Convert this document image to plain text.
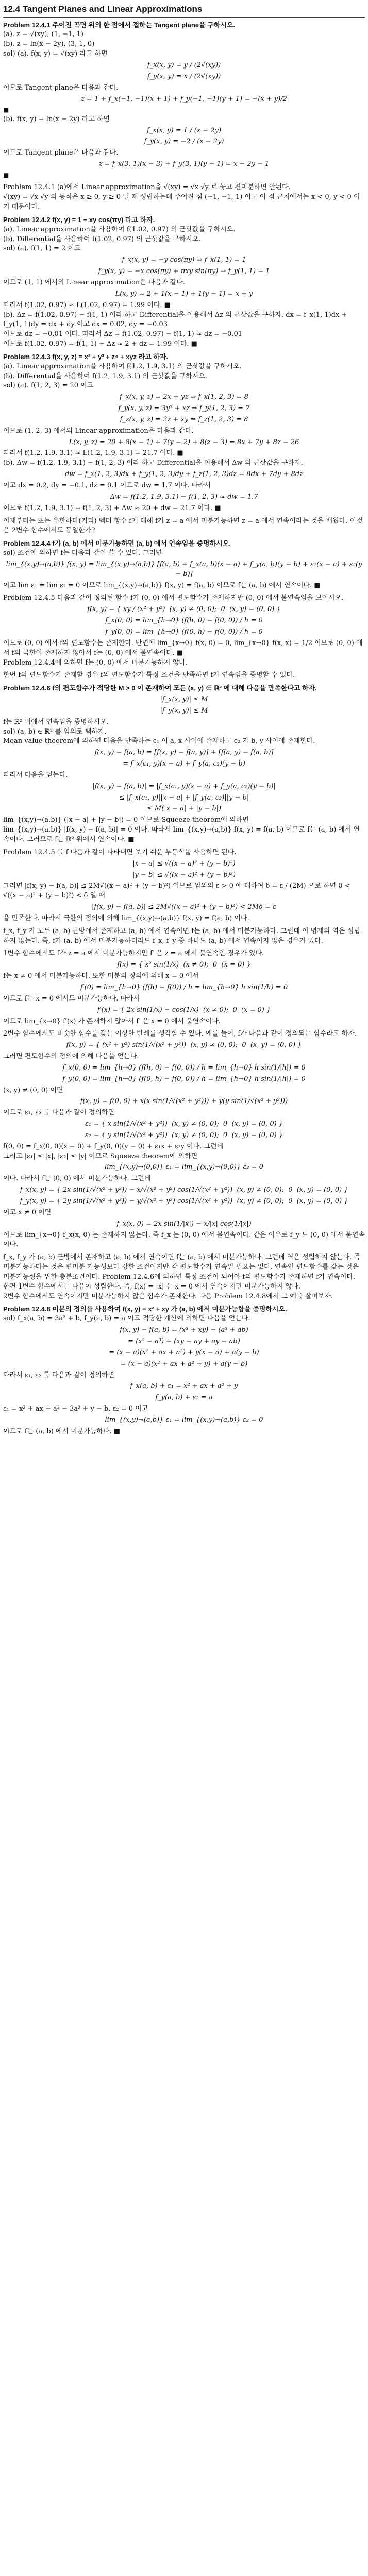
12.4 Tangent Planes and Linear Approximations

Problem 12.4.1 주어진 곡면 위의 한 점에서 접하는 Tangent plane을 구하시오.

(a). z = √(xy), (1, −1, 1)

(b). z = ln(x − 2y), (3, 1, 0)

sol) (a). f(x, y) = √(xy) 라고 하면

f_x(x, y) = y / (2√(xy))

f_y(x, y) = x / (2√(xy))

이므로 Tangent plane은 다음과 같다.

z = 1 + f_x(−1, −1)(x + 1) + f_y(−1, −1)(y + 1) = −(x + y)/2

■

(b). f(x, y) = ln(x − 2y) 라고 하면

f_x(x, y) = 1 / (x − 2y)

f_y(x, y) = −2 / (x − 2y)

이므로 Tangent plane은 다음과 같다.

z = f_x(3, 1)(x − 3) + f_y(3, 1)(y − 1) = x − 2y − 1

■

Problem 12.4.1 (a)에서 Linear approximation을 √(xy) = √x √y 로 놓고 편미분하면 안된다.

√(xy) = √x √y 의 등식은 x ≥ 0, y ≥ 0 일 때 성립하는데 주어진 점 (−1, −1, 1) 이고 이 점 근처에서는 x < 0, y < 0 이기 때문이다.

Problem 12.4.2 f(x, y) = 1 − xy cos(πy) 라고 하자.

(a). Linear approximation을 사용하여 f(1.02, 0.97) 의 근삿값을 구하시오.

(b). Differential을 사용하여 f(1.02, 0.97) 의 근삿값을 구하시오.

sol) (a). f(1, 1) = 2 이고

f_x(x, y) = −y cos(πy) ⇒ f_x(1, 1) = 1

f_y(x, y) = −x cos(πy) + πxy sin(πy) ⇒ f_y(1, 1) = 1

이므로 (1, 1) 에서의 Linear approximation은 다음과 같다.

L(x, y) = 2 + 1(x − 1) + 1(y − 1) = x + y

따라서 f(1.02, 0.97) ≈ L(1.02, 0.97) = 1.99 이다. ■

(b). Δz = f(1.02, 0.97) − f(1, 1) 이라 하고 Differential을 이용해서 Δz 의 근삿값을 구하자. dx = f_x(1, 1)dx + f_y(1, 1)dy = dx + dy 이고 dx = 0.02, dy = −0.03

이므로 dz = −0.01 이다. 따라서 Δz = f(1.02, 0.97) − f(1, 1) ≈ dz = −0.01

이므로 f(1.02, 0.97) = f(1, 1) + Δz ≈ 2 + dz = 1.99 이다. ■

Problem 12.4.3 f(x, y, z) = x² + y³ + z⁴ + xyz 라고 하자.

(a). Linear approximation을 사용하여 f(1.2, 1.9, 3.1) 의 근삿값을 구하시오.

(b). Differential을 사용하여 f(1.2, 1.9, 3.1) 의 근삿값을 구하시오.

sol) (a). f(1, 2, 3) = 20 이고

f_x(x, y, z) = 2x + yz ⇒ f_x(1, 2, 3) = 8

f_y(x, y, z) = 3y² + xz ⇒ f_y(1, 2, 3) = 7

f_z(x, y, z) = 2z + xy ⇒ f_z(1, 2, 3) = 8

이므로 (1, 2, 3) 에서의 Linear approximation은 다음과 같다.

L(x, y, z) = 20 + 8(x − 1) + 7(y − 2) + 8(z − 3) = 8x + 7y + 8z − 26

따라서 f(1.2, 1.9, 3.1) ≈ L(1.2, 1.9, 3.1) = 21.7 이다. ■

(b). Δw = f(1.2, 1.9, 3.1) − f(1, 2, 3) 이라 하고 Differential을 이용해서 Δw 의 근삿값을 구하자.

dw = f_x(1, 2, 3)dx + f_y(1, 2, 3)dy + f_z(1, 2, 3)dz = 8dx + 7dy + 8dz

이고 dx = 0.2, dy = −0.1, dz = 0.1 이므로 dw = 1.7 이다. 따라서

Δw = f(1.2, 1.9, 3.1) − f(1, 2, 3) ≈ dw = 1.7

이므로 f(1.2, 1.9, 3.1) = f(1, 2, 3) + Δw ≈ 20 + dw = 21.7 이다. ■

이제부터는 또는 유한하다(거리) 벡터 항수 f에 대해 f가 z = a 에서 미분가능하면 z = a 에서 연속이라는 것을 배웠다. 이것은 2변수 함수에서도 동일한가?

Problem 12.4.4 f가 (a, b) 에서 미분가능하면 (a, b) 에서 연속임을 증명하시오.

sol) 조건에 의하면 f는 다음과 같이 쓸 수 있다. 그러면

lim_{(x,y)→(a,b)} f(x, y) = lim_{(x,y)→(a,b)} [f(a, b) + f_x(a, b)(x − a) + f_y(a, b)(y − b) + ε₁(x − a) + ε₂(y − b)]

이고 lim ε₁ = lim ε₂ = 0 이므로 lim_{(x,y)→(a,b)} f(x, y) = f(a, b) 이므로 f는 (a, b) 에서 연속이다. ■

Problem 12.4.5 다음과 같이 정의된 함수 f가 (0, 0) 에서 편도함수가 존재하지만 (0, 0) 에서 불연속임을 보이시오.

f(x, y) = { xy / (x² + y²)  (x, y) ≠ (0, 0);  0  (x, y) = (0, 0) }

f_x(0, 0) = lim_{h→0} (f(h, 0) − f(0, 0)) / h = 0

f_y(0, 0) = lim_{h→0} (f(0, h) − f(0, 0)) / h = 0

이므로 (0, 0) 에서 f의 편도함수는 존재한다. 반면에 lim_{x→0} f(x, 0) = 0, lim_{x→0} f(x, x) = 1/2 이므로 (0, 0) 에서 f의 극한이 존재하지 않아서 f는 (0, 0) 에서 불연속이다. ■

Problem 12.4.4에 의하면 f는 (0, 0) 에서 미분가능하지 않다.

한번 f의 편도함수가 존재할 경우 f의 편도함수가 특정 조건을 만족하면 f가 연속임을 증명할 수 있다.

Problem 12.4.6 f의 편도함수가 적당한 M > 0 이 존재하여 모든 (x, y) ∈ ℝ² 에 대해 다음을 만족한다고 하자.

|f_x(x, y)| ≤ M

|f_y(x, y)| ≤ M

f는 ℝ² 위에서 연속임을 증명하시오.

sol) (a, b) ∈ ℝ² 를 임의로 택하자.

Mean value theorem에 의하면 다음을 만족하는 c₁ 이 a, x 사이에 존재하고 c₂ 가 b, y 사이에 존재한다.

f(x, y) − f(a, b) = [f(x, y) − f(a, y)] + [f(a, y) − f(a, b)]

= f_x(c₁, y)(x − a) + f_y(a, c₂)(y − b)

따라서 다음을 얻는다.

|f(x, y) − f(a, b)| = |f_x(c₁, y)(x − a) + f_y(a, c₂)(y − b)|

≤ |f_x(c₁, y)||x − a| + |f_y(a, c₂)||y − b|

≤ M(|x − a| + |y − b|)

lim_{(x,y)→(a,b)} (|x − a| + |y − b|) = 0 이므로 Squeeze theorem에 의하면

lim_{(x,y)→(a,b)} |f(x, y) − f(a, b)| = 0 이다. 따라서 lim_{(x,y)→(a,b)} f(x, y) = f(a, b) 이므로 f는 (a, b) 에서 연속이다. 그러므로 f는 ℝ² 위에서 연속이다. ■

Problem 12.4.5 를 f 다음과 같이 나타내면 보기 쉬운 부등식을 사용하면 된다.

|x − a| ≤ √((x − a)² + (y − b)²)

|y − b| ≤ √((x − a)² + (y − b)²)

그러면 |f(x, y) − f(a, b)| ≤ 2M√((x − a)² + (y − b)²) 이므로 임의의 ε > 0 에 대하여 δ = ε / (2M) 으로 하면 0 < √((x − a)² + (y − b)²) < δ 일 때

|f(x, y) − f(a, b)| ≤ 2M√((x − a)² + (y − b)²) < 2Mδ = ε

을 만족한다. 따라서 극한의 정의에 의해 lim_{(x,y)→(a,b)} f(x, y) = f(a, b) 이다.

f_x, f_y 가 모두 (a, b) 근방에서 존재하고 (a, b) 에서 연속이면 f는 (a, b) 에서 미분가능하다. 그런데 이 명제의 역은 성립하지 않는다. 즉, f가 (a, b) 에서 미분가능하더라도 f_x, f_y 중 하나도 (a, b) 에서 연속이지 않은 경우가 있다.

1변수 함수에서도 f가 z = a 에서 미분가능하지만 f′ 은 z = a 에서 불연속인 경우가 있다.

f(x) = { x² sin(1/x)  (x ≠ 0);  0  (x = 0) }

f는 x ≠ 0 에서 미분가능하다. 또한 미분의 정의에 의해 x = 0 에서

f′(0) = lim_{h→0} (f(h) − f(0)) / h = lim_{h→0} h sin(1/h) = 0

이므로 f는 x = 0 에서도 미분가능하다. 따라서

f′(x) = { 2x sin(1/x) − cos(1/x)  (x ≠ 0);  0  (x = 0) }

이므로 lim_{x→0} f′(x) 가 존재하지 않아서 f′ 은 x = 0 에서 불연속이다.

2변수 함수에서도 비슷한 함수를 갖는 이상한 반례를 생각할 수 있다. 예를 들어, f가 다음과 같이 정의되는 함수라고 하자.

f(x, y) = { (x² + y²) sin(1/√(x² + y²))  (x, y) ≠ (0, 0);  0  (x, y) = (0, 0) }

그러면 편도함수의 정의에 의해 다음을 얻는다.

f_x(0, 0) = lim_{h→0} (f(h, 0) − f(0, 0)) / h = lim_{h→0} h sin(1/|h|) = 0

f_y(0, 0) = lim_{h→0} (f(0, h) − f(0, 0)) / h = lim_{h→0} h sin(1/|h|) = 0

(x, y) ≠ (0, 0) 이면

f(x, y) = f(0, 0) + x(x sin(1/√(x² + y²))) + y(y sin(1/√(x² + y²)))

이므로 ε₁, ε₂ 를 다음과 같이 정의하면

ε₁ = { x sin(1/√(x² + y²))  (x, y) ≠ (0, 0);  0  (x, y) = (0, 0) }

ε₂ = { y sin(1/√(x² + y²))  (x, y) ≠ (0, 0);  0  (x, y) = (0, 0) }

f(0, 0) = f_x(0, 0)(x − 0) + f_y(0, 0)(y − 0) + ε₁x + ε₂y 이다. 그런데

그리고 |ε₁| ≤ |x|, |ε₂| ≤ |y| 이므로 Squeeze theorem에 의하면

lim_{(x,y)→(0,0)} ε₁ = lim_{(x,y)→(0,0)} ε₂ = 0

이다. 따라서 f는 (0, 0) 에서 미분가능하다. 그런데

f_x(x, y) = { 2x sin(1/√(x² + y²)) − x/√(x² + y²) cos(1/√(x² + y²))  (x, y) ≠ (0, 0);  0  (x, y) = (0, 0) }

f_y(x, y) = { 2y sin(1/√(x² + y²)) − y/√(x² + y²) cos(1/√(x² + y²))  (x, y) ≠ (0, 0);  0  (x, y) = (0, 0) }

이고 x ≠ 0 이면

f_x(x, 0) = 2x sin(1/|x|) − x/|x| cos(1/|x|)

이므로 lim_{x→0} f_x(x, 0) 는 존재하지 않는다. 즉 f_x 는 (0, 0) 에서 불연속이다. 같은 이유로 f_y 도 (0, 0) 에서 불연속이다.

f_x, f_y 가 (a, b) 근방에서 존재하고 (a, b) 에서 연속이면 f는 (a, b) 에서 미분가능하다. 그런데 역은 성립하지 않는다. 즉 미분가능하다는 것은 편미분 가능성보다 강한 조건이지만 각 편도함수가 연속일 필요는 없다. 연속인 편도함수를 갖는 것은 미분가능성을 위한 충분조건이다. Problem 12.4.6에 의하면 특정 조건이 되어야 f의 편도함수가 존재하면 f가 연속이다.

한편 1변수 함수에서는 다음이 성립한다. 즉, f(x) = |x| 는 x = 0 에서 연속이지만 미분가능하지 않다.

2변수 함수에서도 연속이지만 미분가능하지 않은 함수가 존재한다. 다음 Problem 12.4.8에서 그 예를 살펴보자.

Problem 12.4.8 미분의 정의를 사용하여 f(x, y) = x² + xy 가 (a, b) 에서 미분가능함을 증명하시오.

sol) f_x(a, b) = 3a² + b, f_y(a, b) = a 이고 적당한 계산에 의하면 다음을 얻는다.

f(x, y) − f(a, b) = (x³ + xy) − (a³ + ab)

= (x³ − a³) + (xy − ay + ay − ab)

= (x − a)(x² + ax + a²) + y(x − a) + a(y − b)

= (x − a)(x² + ax + a² + y) + a(y − b)

따라서 ε₁, ε₂ 를 다음과 같이 정의하면

f_x(a, b) + ε₁ = x² + ax + a² + y

f_y(a, b) + ε₂ = a

ε₁ = x² + ax + a² − 3a² + y − b, ε₂ = 0 이고

lim_{(x,y)→(a,b)} ε₁ = lim_{(x,y)→(a,b)} ε₂ = 0

이므로 f는 (a, b) 에서 미분가능하다. ■
